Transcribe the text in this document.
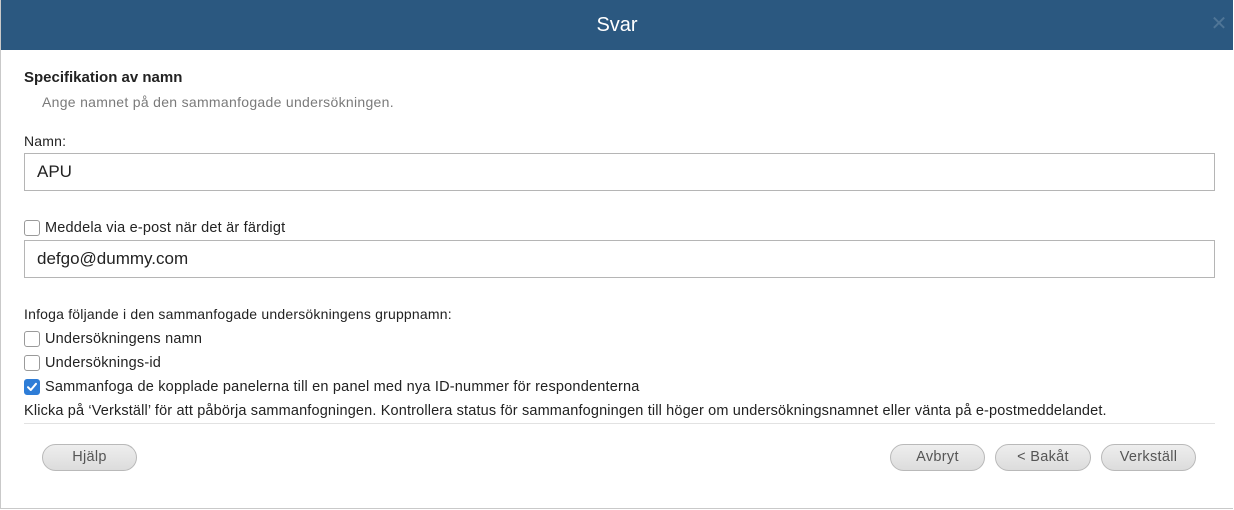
Svar	✕
Specifikation av namn
Ange namnet på den sammanfogade undersökningen.
Namn:
APU
Meddela via e-post när det är färdigt
defgo@dummy.com
Infoga följande i den sammanfogade undersökningens gruppnamn:
Undersökningens namn
Undersöknings-id
Sammanfoga de kopplade panelerna till en panel med nya ID-nummer för respondenterna
Klicka på ‘Verkställ’ för att påbörja sammanfogningen. Kontrollera status för sammanfogningen till höger om undersökningsnamnet eller vänta på e-postmeddelandet.
Hjälp	Avbryt	< Bakåt	Verkställ
